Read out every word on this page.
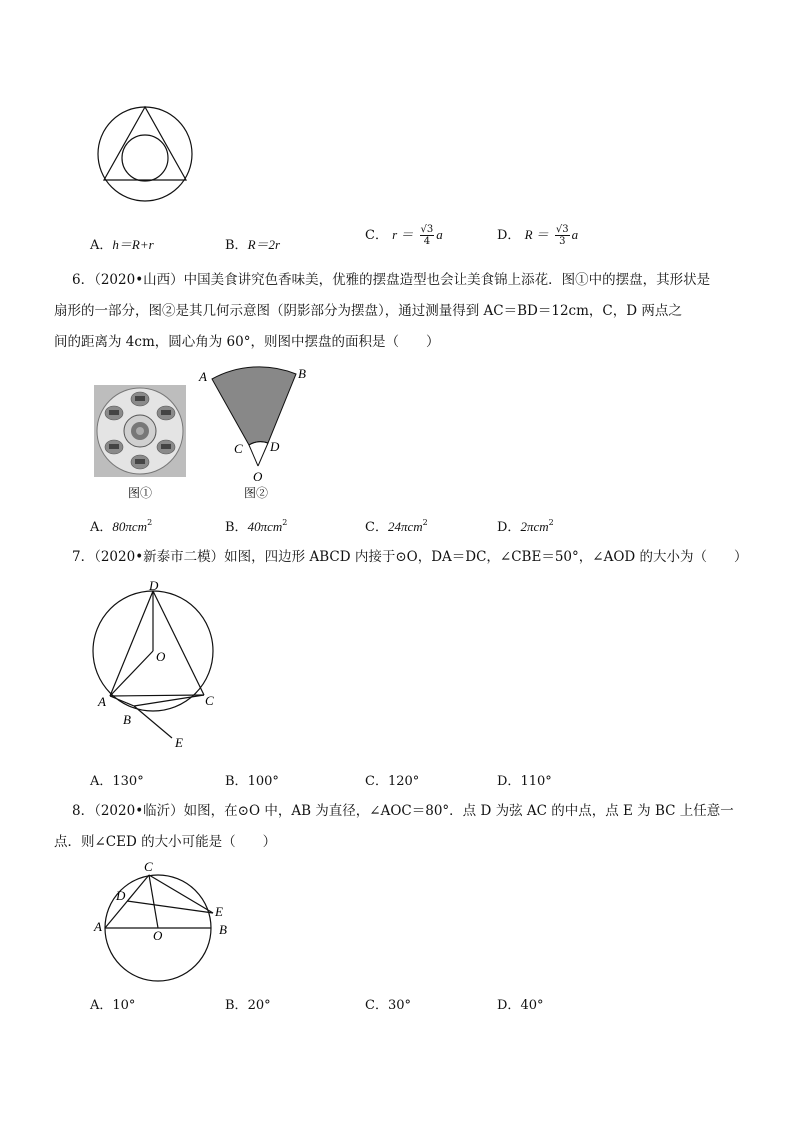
A．h＝R+r	B．R＝2r
C． $r = \frac{√3}{4}$ a	D． $R = \frac{√3}{3}$ a

6．（2020•山西）中国美食讲究色香味美，优雅的摆盘造型也会让美食锦上添花．图①中的摆盘，其形状是

扇形的一部分，图②是其几何示意图（阴影部分为摆盘），通过测量得到 AC＝BD＝12cm，C，D 两点之

间的距离为 4cm，圆心角为 60°，则图中摆盘的面积是（　　）

图①
A	B
C D
O
图②
A．80πcm$^2$	B．40πcm$^2$	C．24πcm$^2$	D．2πcm$^2$

7．（2020•新泰市二模）如图，四边形 ABCD 内接于⊙O，DA＝DC，∠CBE＝50°，∠AOD 的大小为（　　）

D
O
A	C
B
E
A．130°	B．100°	C．120°	D．110°

8．（2020•临沂）如图，在⊙O 中，AB 为直径，∠AOC＝80°．点 D 为弦 AC 的中点，点 E 为 BC 上任意一

点．则∠CED 的大小可能是（　　）

C
D
E
A	B
O
A．10°	B．20°	C．30°	D．40°
